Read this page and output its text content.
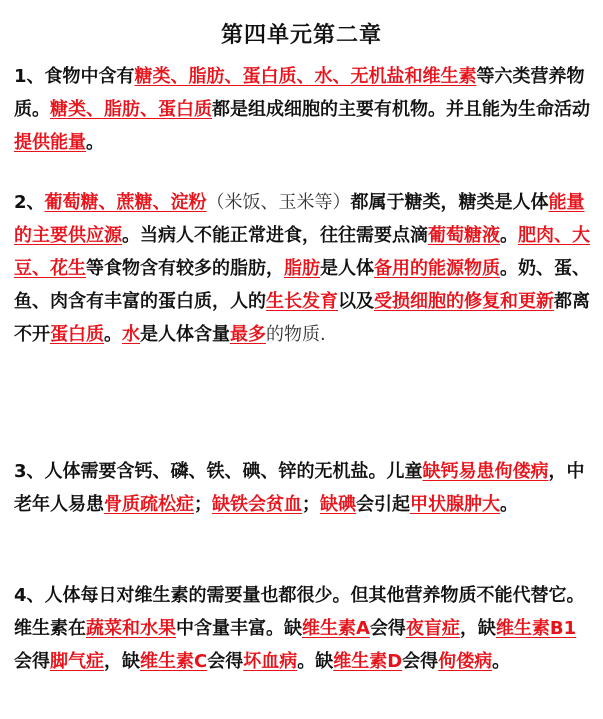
第四单元第二章

1、食物中含有糖类、脂肪、蛋白质、水、无机盐和维生素等六类营养物质。糖类、脂肪、蛋白质都是组成细胞的主要有机物。并且能为生命活动提供能量。

2、葡萄糖、蔗糖、淀粉（米饭、玉米等）都属于糖类，糖类是人体能量的主要供应源。当病人不能正常进食，往往需要点滴葡萄糖液。肥肉、大豆、花生等食物含有较多的脂肪，脂肪是人体备用的能源物质。奶、蛋、鱼、肉含有丰富的蛋白质，人的生长发育以及受损细胞的修复和更新都离不开蛋白质。水是人体含量最多的物质.

3、人体需要含钙、磷、铁、碘、锌的无机盐。儿童缺钙易患佝偻病，中老年人易患骨质疏松症；缺铁会贫血；缺碘会引起甲状腺肿大。

4、人体每日对维生素的需要量也都很少。但其他营养物质不能代替它。维生素在蔬菜和水果中含量丰富。缺维生素A会得夜盲症，缺维生素B1会得脚气症，缺维生素C会得坏血病。缺维生素D会得佝偻病。
